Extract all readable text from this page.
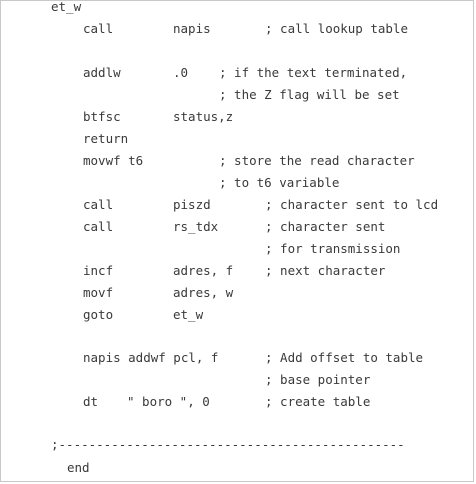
et_w
call	napis	; call lookup table
addlw	.0 ; if the text terminated,
; the Z flag will be set
btfsc	status,z
return
movwf t6	; store the read character
; to t6 variable
call	piszd	; character sent to lcd
call	rs_tdx	; character sent
; for transmission
incf	adres, f	; next character
movf	adres, w
goto	et_w
napis addwf pcl, f	; Add offset to table
; base pointer
dt " boro ", 0	; create table
;----------------------------------------------
end
